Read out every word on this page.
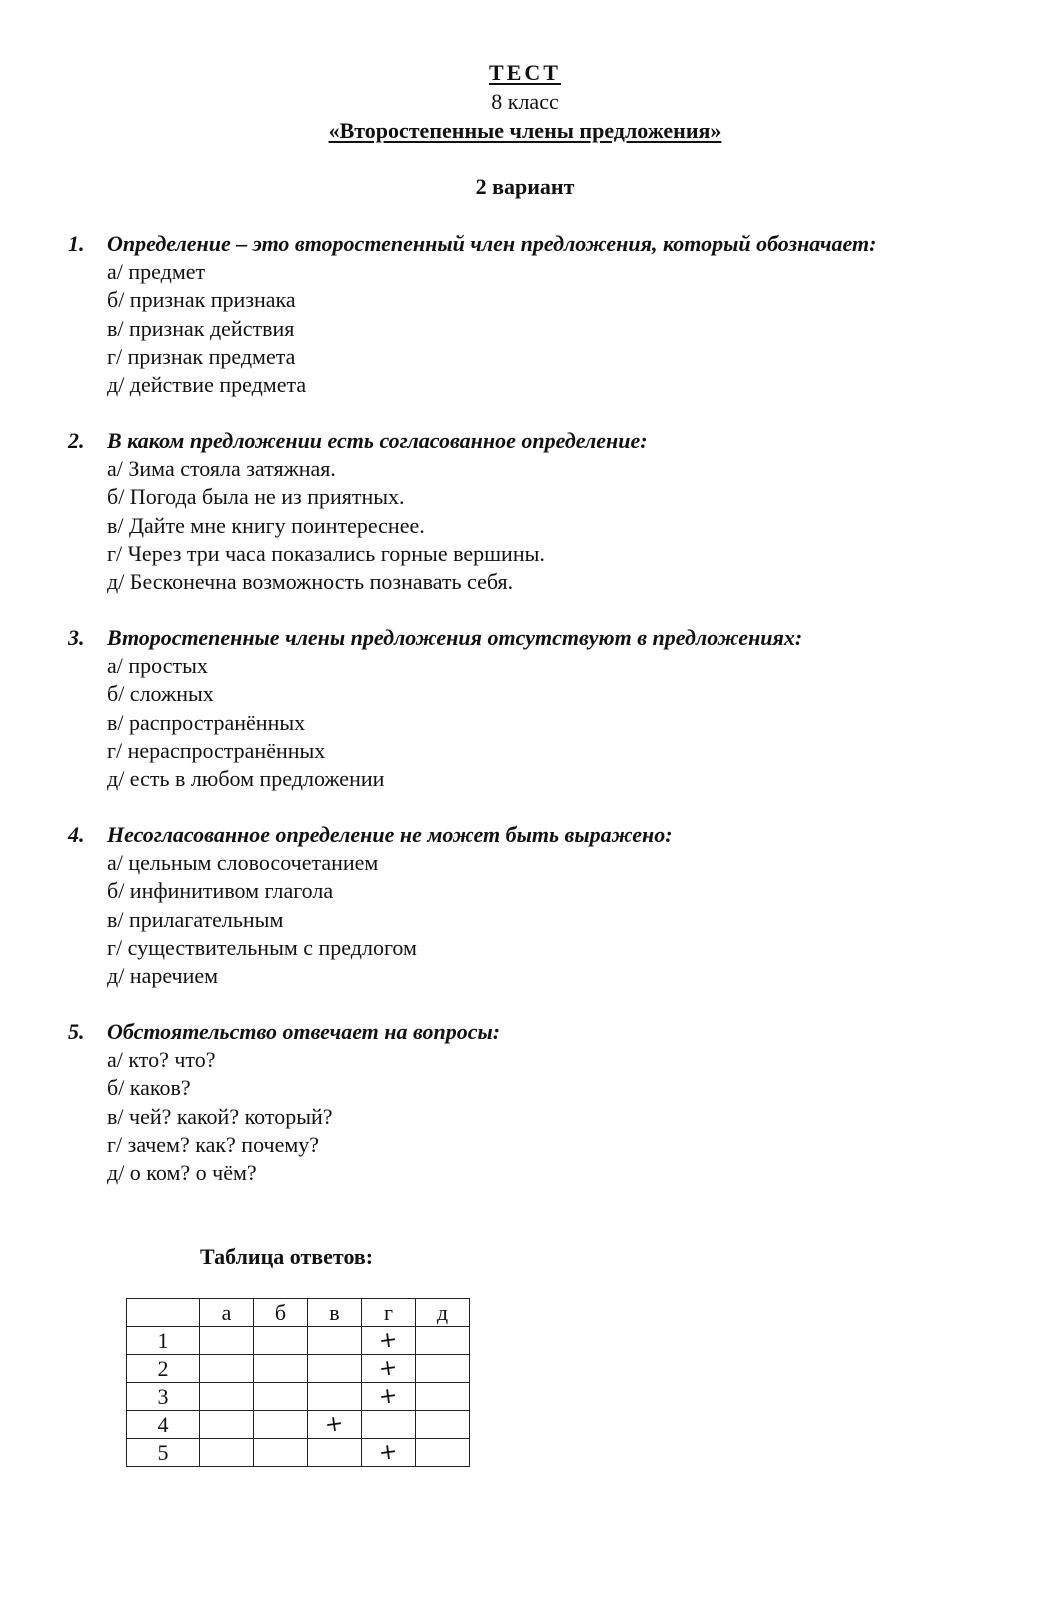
ТЕСТ
8 класс
«Второстепенные члены предложения»
2 вариант
1. Определение – это второстепенный член предложения, который обозначает:
а/ предмет
б/ признак признака
в/ признак действия
г/ признак предмета
д/ действие предмета
2. В каком предложении есть согласованное определение:
а/ Зима стояла затяжная.
б/ Погода была не из приятных.
в/ Дайте мне книгу поинтереснее.
г/ Через три часа показались горные вершины.
д/ Бесконечна возможность познавать себя.
3. Второстепенные члены предложения отсутствуют в предложениях:
а/ простых
б/ сложных
в/ распространённых
г/ нераспространённых
д/ есть в любом предложении
4. Несогласованное определение не может быть выражено:
а/ цельным словосочетанием
б/ инфинитивом глагола
в/ прилагательным
г/ существительным с предлогом
д/ наречием
5. Обстоятельство отвечает на вопросы:
а/ кто? что?
б/ каков?
в/ чей? какой? который?
г/ зачем? как? почему?
д/ о ком? о чём?
Таблица ответов:
	а	б	в	г	д
1				+	
2				+	
3				+	
4			+		
5				+	
